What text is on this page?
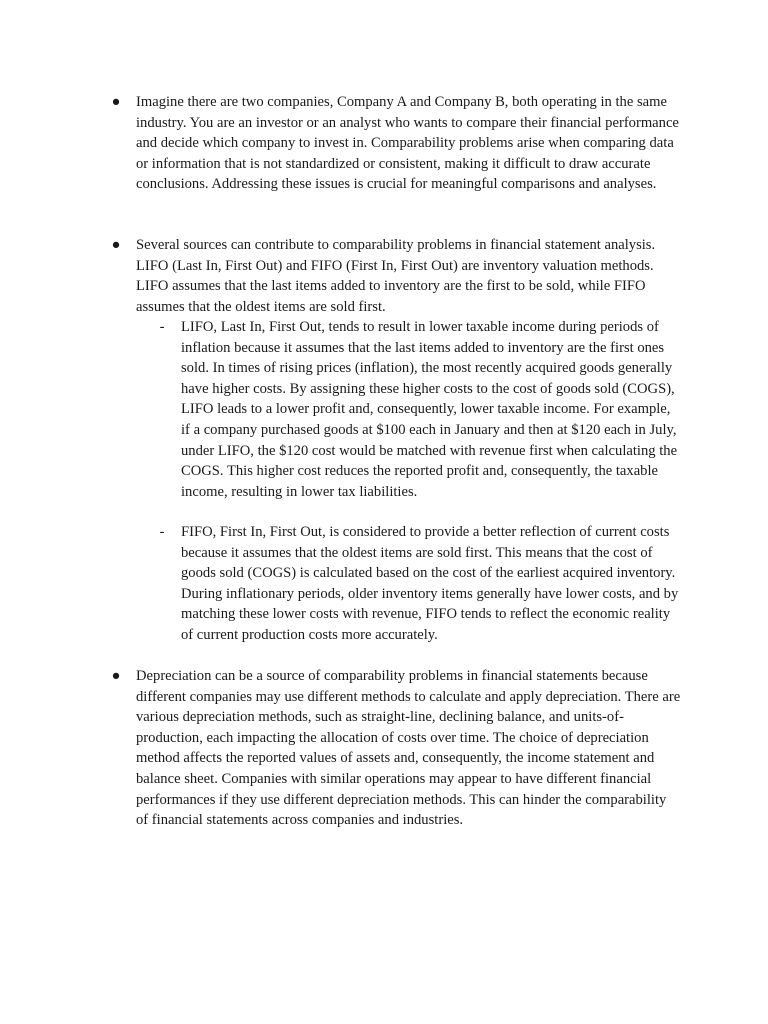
● Imagine there are two companies, Company A and Company B, both operating in the same industry. You are an investor or an analyst who wants to compare their financial performance and decide which company to invest in. Comparability problems arise when comparing data or information that is not standardized or consistent, making it difficult to draw accurate conclusions. Addressing these issues is crucial for meaningful comparisons and analyses.
● Several sources can contribute to comparability problems in financial statement analysis. LIFO (Last In, First Out) and FIFO (First In, First Out) are inventory valuation methods. LIFO assumes that the last items added to inventory are the first to be sold, while FIFO assumes that the oldest items are sold first.
- LIFO, Last In, First Out, tends to result in lower taxable income during periods of inflation because it assumes that the last items added to inventory are the first ones sold. In times of rising prices (inflation), the most recently acquired goods generally have higher costs. By assigning these higher costs to the cost of goods sold (COGS), LIFO leads to a lower profit and, consequently, lower taxable income. For example, if a company purchased goods at $100 each in January and then at $120 each in July, under LIFO, the $120 cost would be matched with revenue first when calculating the COGS. This higher cost reduces the reported profit and, consequently, the taxable income, resulting in lower tax liabilities.
- FIFO, First In, First Out, is considered to provide a better reflection of current costs because it assumes that the oldest items are sold first. This means that the cost of goods sold (COGS) is calculated based on the cost of the earliest acquired inventory. During inflationary periods, older inventory items generally have lower costs, and by matching these lower costs with revenue, FIFO tends to reflect the economic reality of current production costs more accurately.
● Depreciation can be a source of comparability problems in financial statements because different companies may use different methods to calculate and apply depreciation. There are various depreciation methods, such as straight-line, declining balance, and units-of-production, each impacting the allocation of costs over time. The choice of depreciation method affects the reported values of assets and, consequently, the income statement and balance sheet. Companies with similar operations may appear to have different financial performances if they use different depreciation methods. This can hinder the comparability of financial statements across companies and industries.
